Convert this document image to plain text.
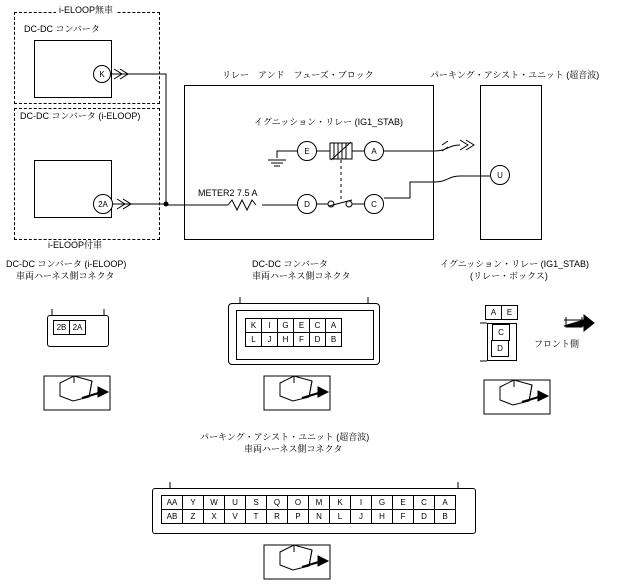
i-ELOOP無車
DC-DC コンバータ
K
DC-DC コンバータ (i-ELOOP)
2A
i-ELOOP付車
リレー　アンド　フューズ・ブロック
イグニッション・リレー (IG1_STAB)
METER2 7.5 A
E	A
D	C
パーキング・アシスト・ユニット (超音波)
U
DC-DC コンバータ (i-ELOOP)
車両ハーネス側コネクタ
2B 2A
DC-DC コンバータ
車両ハーネス側コネクタ
K	I	G	E	C	A
L	J	H	F	D	B
イグニッション・リレー (IG1_STAB)
(リレー・ボックス)
A	E
C
D	フロント側
パーキング・アシスト・ユニット (超音波)
車両ハーネス側コネクタ
AA	Y	W	U	S	Q	O	M	K	I	G	E	C	A
AB	Z	X	V	T	R	P	N	L	J	H	F	D	B
